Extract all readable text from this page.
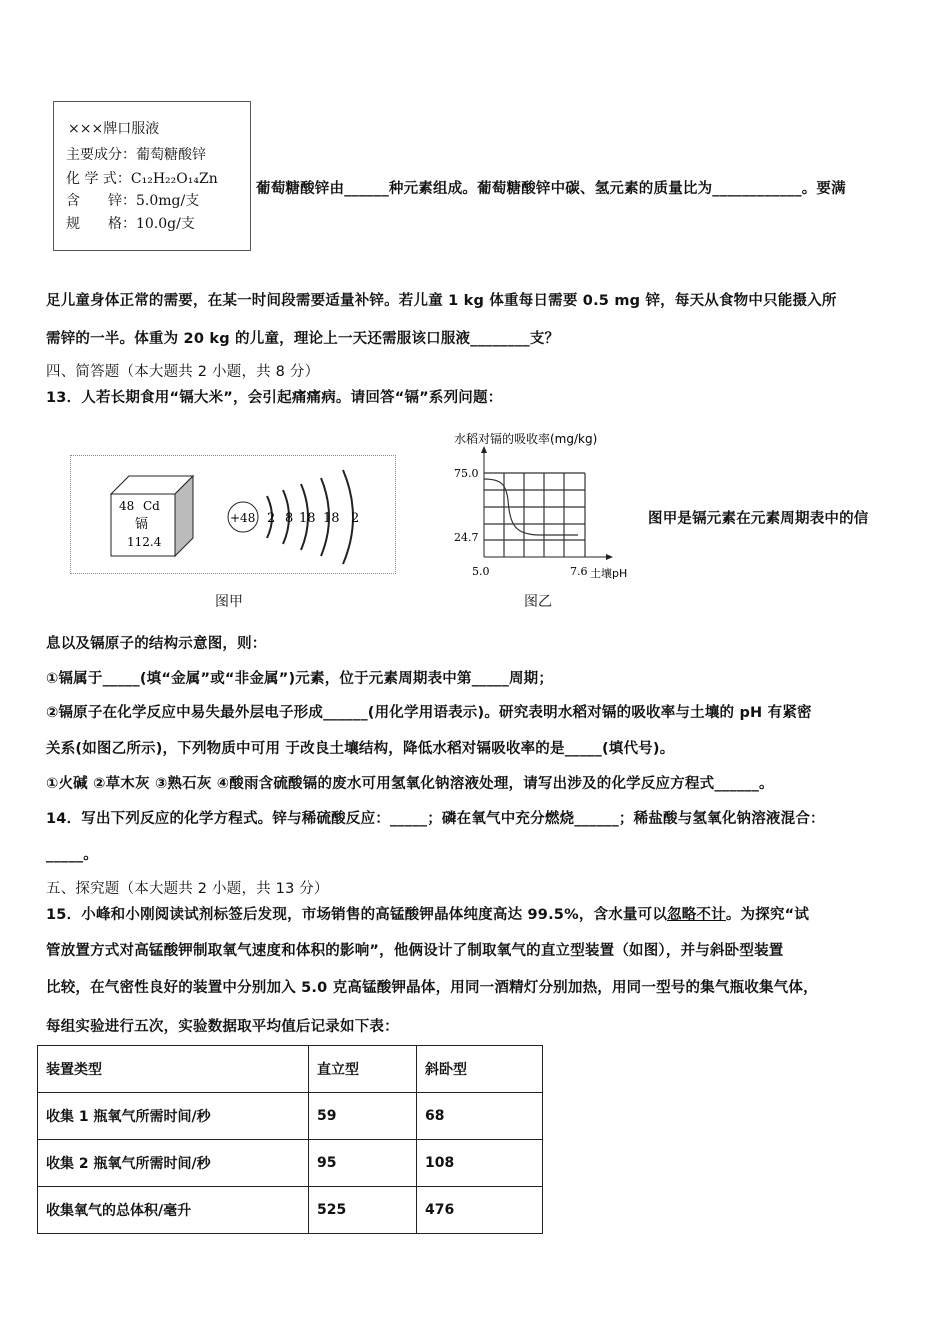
×××牌口服液
主要成分：葡萄糖酸锌
化 学 式：C₁₂H₂₂O₁₄Zn
含　　锌：5.0mg/支
规　　格：10.0g/支
葡萄糖酸锌由______种元素组成。葡萄糖酸锌中碳、氢元素的质量比为____________。要满
足儿童身体正常的需要，在某一时间段需要适量补锌。若儿童 1 kg 体重每日需要 0.5 mg 锌，每天从食物中只能摄入所
需锌的一半。体重为 20 kg 的儿童，理论上一天还需服该口服液________支？
四、简答题（本大题共 2 小题，共 8 分）
13．人若长期食用“镉大米”，会引起痛痛病。请回答“镉”系列问题：
48 Cd
镉
112.4
+48 2 8 18 18 2
图甲
水稻对镉的吸收率(mg/kg)
75.0
24.7
5.0	7.6 土壤pH
图乙
图甲是镉元素在元素周期表中的信
息以及镉原子的结构示意图，则：
①镉属于_____(填“金属”或“非金属”)元素，位于元素周期表中第_____周期；
②镉原子在化学反应中易失最外层电子形成______(用化学用语表示)。研究表明水稻对镉的吸收率与土壤的 pH 有紧密
关系(如图乙所示)，下列物质中可用 于改良土壤结构，降低水稻对镉吸收率的是_____(填代号)。
①火碱 ②草木灰 ③熟石灰 ④酸雨含硫酸镉的废水可用氢氧化钠溶液处理，请写出涉及的化学反应方程式______。
14．写出下列反应的化学方程式。锌与稀硫酸反应：_____；磷在氧气中充分燃烧______；稀盐酸与氢氧化钠溶液混合：
_____。
五、探究题（本大题共 2 小题，共 13 分）
15．小峰和小刚阅读试剂标签后发现，市场销售的高锰酸钾晶体纯度高达 99.5%，含水量可以忽略不计。为探究“试
管放置方式对高锰酸钾制取氧气速度和体积的影响”，他俩设计了制取氧气的直立型装置（如图），并与斜卧型装置
比较，在气密性良好的装置中分别加入 5.0 克高锰酸钾晶体，用同一酒精灯分别加热，用同一型号的集气瓶收集气体，
每组实验进行五次，实验数据取平均值后记录如下表：
装置类型	直立型	斜卧型
收集 1 瓶氧气所需时间/秒	59	68
收集 2 瓶氧气所需时间/秒	95	108
收集氧气的总体积/毫升	525	476
